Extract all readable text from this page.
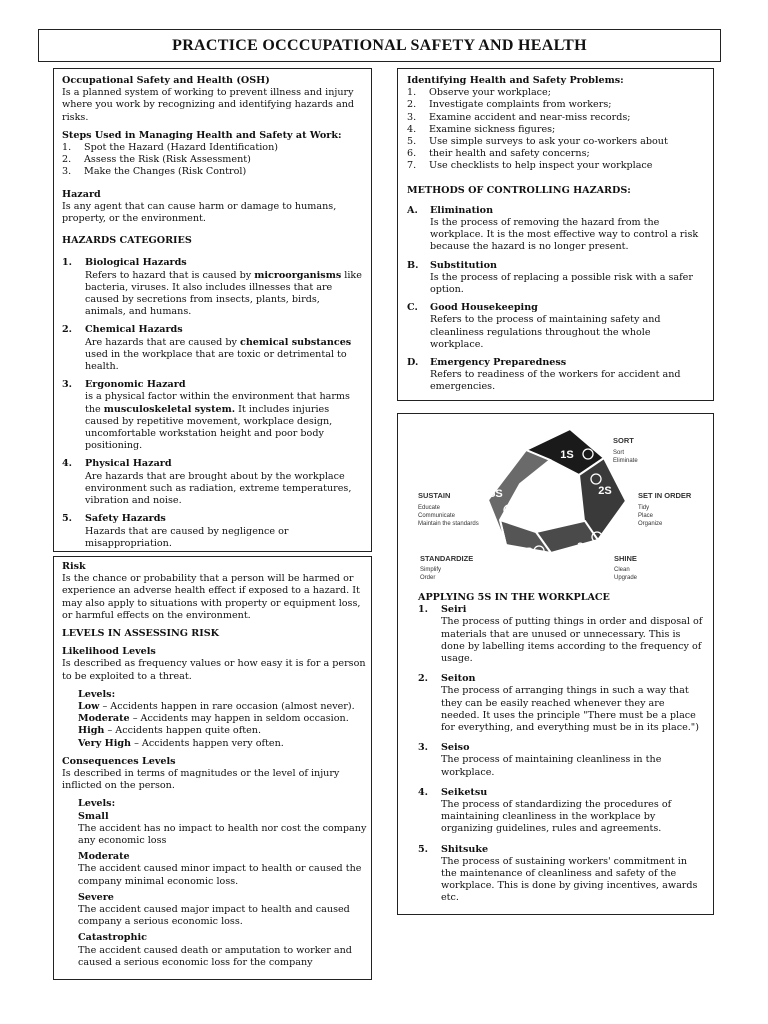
PRACTICE OCCCUPATIONAL SAFETY AND HEALTH

Occupational Safety and Health (OSH)

Is a planned system of working to prevent illness and injury where you work by recognizing and identifying hazards and risks.

Steps Used in Managing Health and Safety at Work:

1.	Spot the Hazard (Hazard Identification)
2.	Assess the Risk (Risk Assessment)
3.	Make the Changes (Risk Control)

Hazard

Is any agent that can cause harm or damage to humans, property, or the environment.

HAZARDS CATEGORIES

1.	Biological Hazards

Refers to hazard that is caused by microorganisms like bacteria, viruses. It also includes illnesses that are caused by secretions from insects, plants, birds, animals, and humans.

2.	Chemical Hazards

Are hazards that are caused by chemical substances used in the workplace that are toxic or detrimental to health.

3.	Ergonomic Hazard

is a physical factor within the environment that harms the musculoskeletal system. It includes injuries caused by repetitive movement, workplace design, uncomfortable workstation height and poor body positioning.

4.	Physical Hazard

Are hazards that are brought about by the workplace environment such as radiation, extreme temperatures, vibration and noise.

5.	Safety Hazards

Hazards that are caused by negligence or misappropriation.

Identifying Health and Safety Problems:

1.	Observe your workplace;
2.	Investigate complaints from workers;
3.	Examine accident and near-miss records;
4.	Examine sickness figures;
5.	Use simple surveys to ask your co-workers about
6.	their health and safety concerns;
7.	Use checklists to help inspect your workplace

METHODS OF CONTROLLING HAZARDS:

A.	Elimination

Is the process of removing the hazard from the workplace. It is the most effective way to control a risk because the hazard is no longer present.

B.	Substitution

Is the process of replacing a possible risk with a safer option.

C.	Good Housekeeping

Refers to the process of maintaining safety and cleanliness regulations throughout the whole workplace.

D.	Emergency Preparedness

Refers to readiness of the workers for accident and emergencies.

Risk

Is the chance or probability that a person will be harmed or experience an adverse health effect if exposed to a hazard. It may also apply to situations with property or equipment loss, or harmful effects on the environment.

LEVELS IN ASSESSING RISK

Likelihood Levels

Is described as frequency values or how easy it is for a person to be exploited to a threat.

Levels:

Low – Accidents happen in rare occasion (almost never).

Moderate – Accidents may happen in seldom occasion.

High – Accidents happen quite often.

Very High – Accidents happen very often.

Consequences Levels

Is described in terms of magnitudes or the level of injury inflicted on the person.

Levels:

Small

The accident has no impact to health nor cost the company any economic loss

Moderate

The accident caused minor impact to health or caused the company minimal economic loss.

Severe

The accident caused major impact to health and caused company a serious economic loss.

Catastrophic

The accident caused death or amputation to worker and caused a serious economic loss for the company

1S
2S
3S
4S
5S
SORT
Sort
Eliminate
SET IN ORDER
Tidy
Place
Organize
SHINE
Clean
Upgrade
STANDARDIZE
Simplify
Order
SUSTAIN
Educate
Communicate
Maintain the standards

APPLYING 5S IN THE WORKPLACE

1.	Seiri

The process of putting things in order and disposal of materials that are unused or unnecessary. This is done by labelling items according to the frequency of usage.

2.	Seiton

The process of arranging things in such a way that they can be easily reached whenever they are needed. It uses the principle "There must be a place for everything, and everything must be in its place.")

3.	Seiso

The process of maintaining cleanliness in the workplace.

4.	Seiketsu

The process of standardizing the procedures of maintaining cleanliness in the workplace by organizing guidelines, rules and agreements.

5.	Shitsuke

The process of sustaining workers' commitment in the maintenance of cleanliness and safety of the workplace. This is done by giving incentives, awards etc.
